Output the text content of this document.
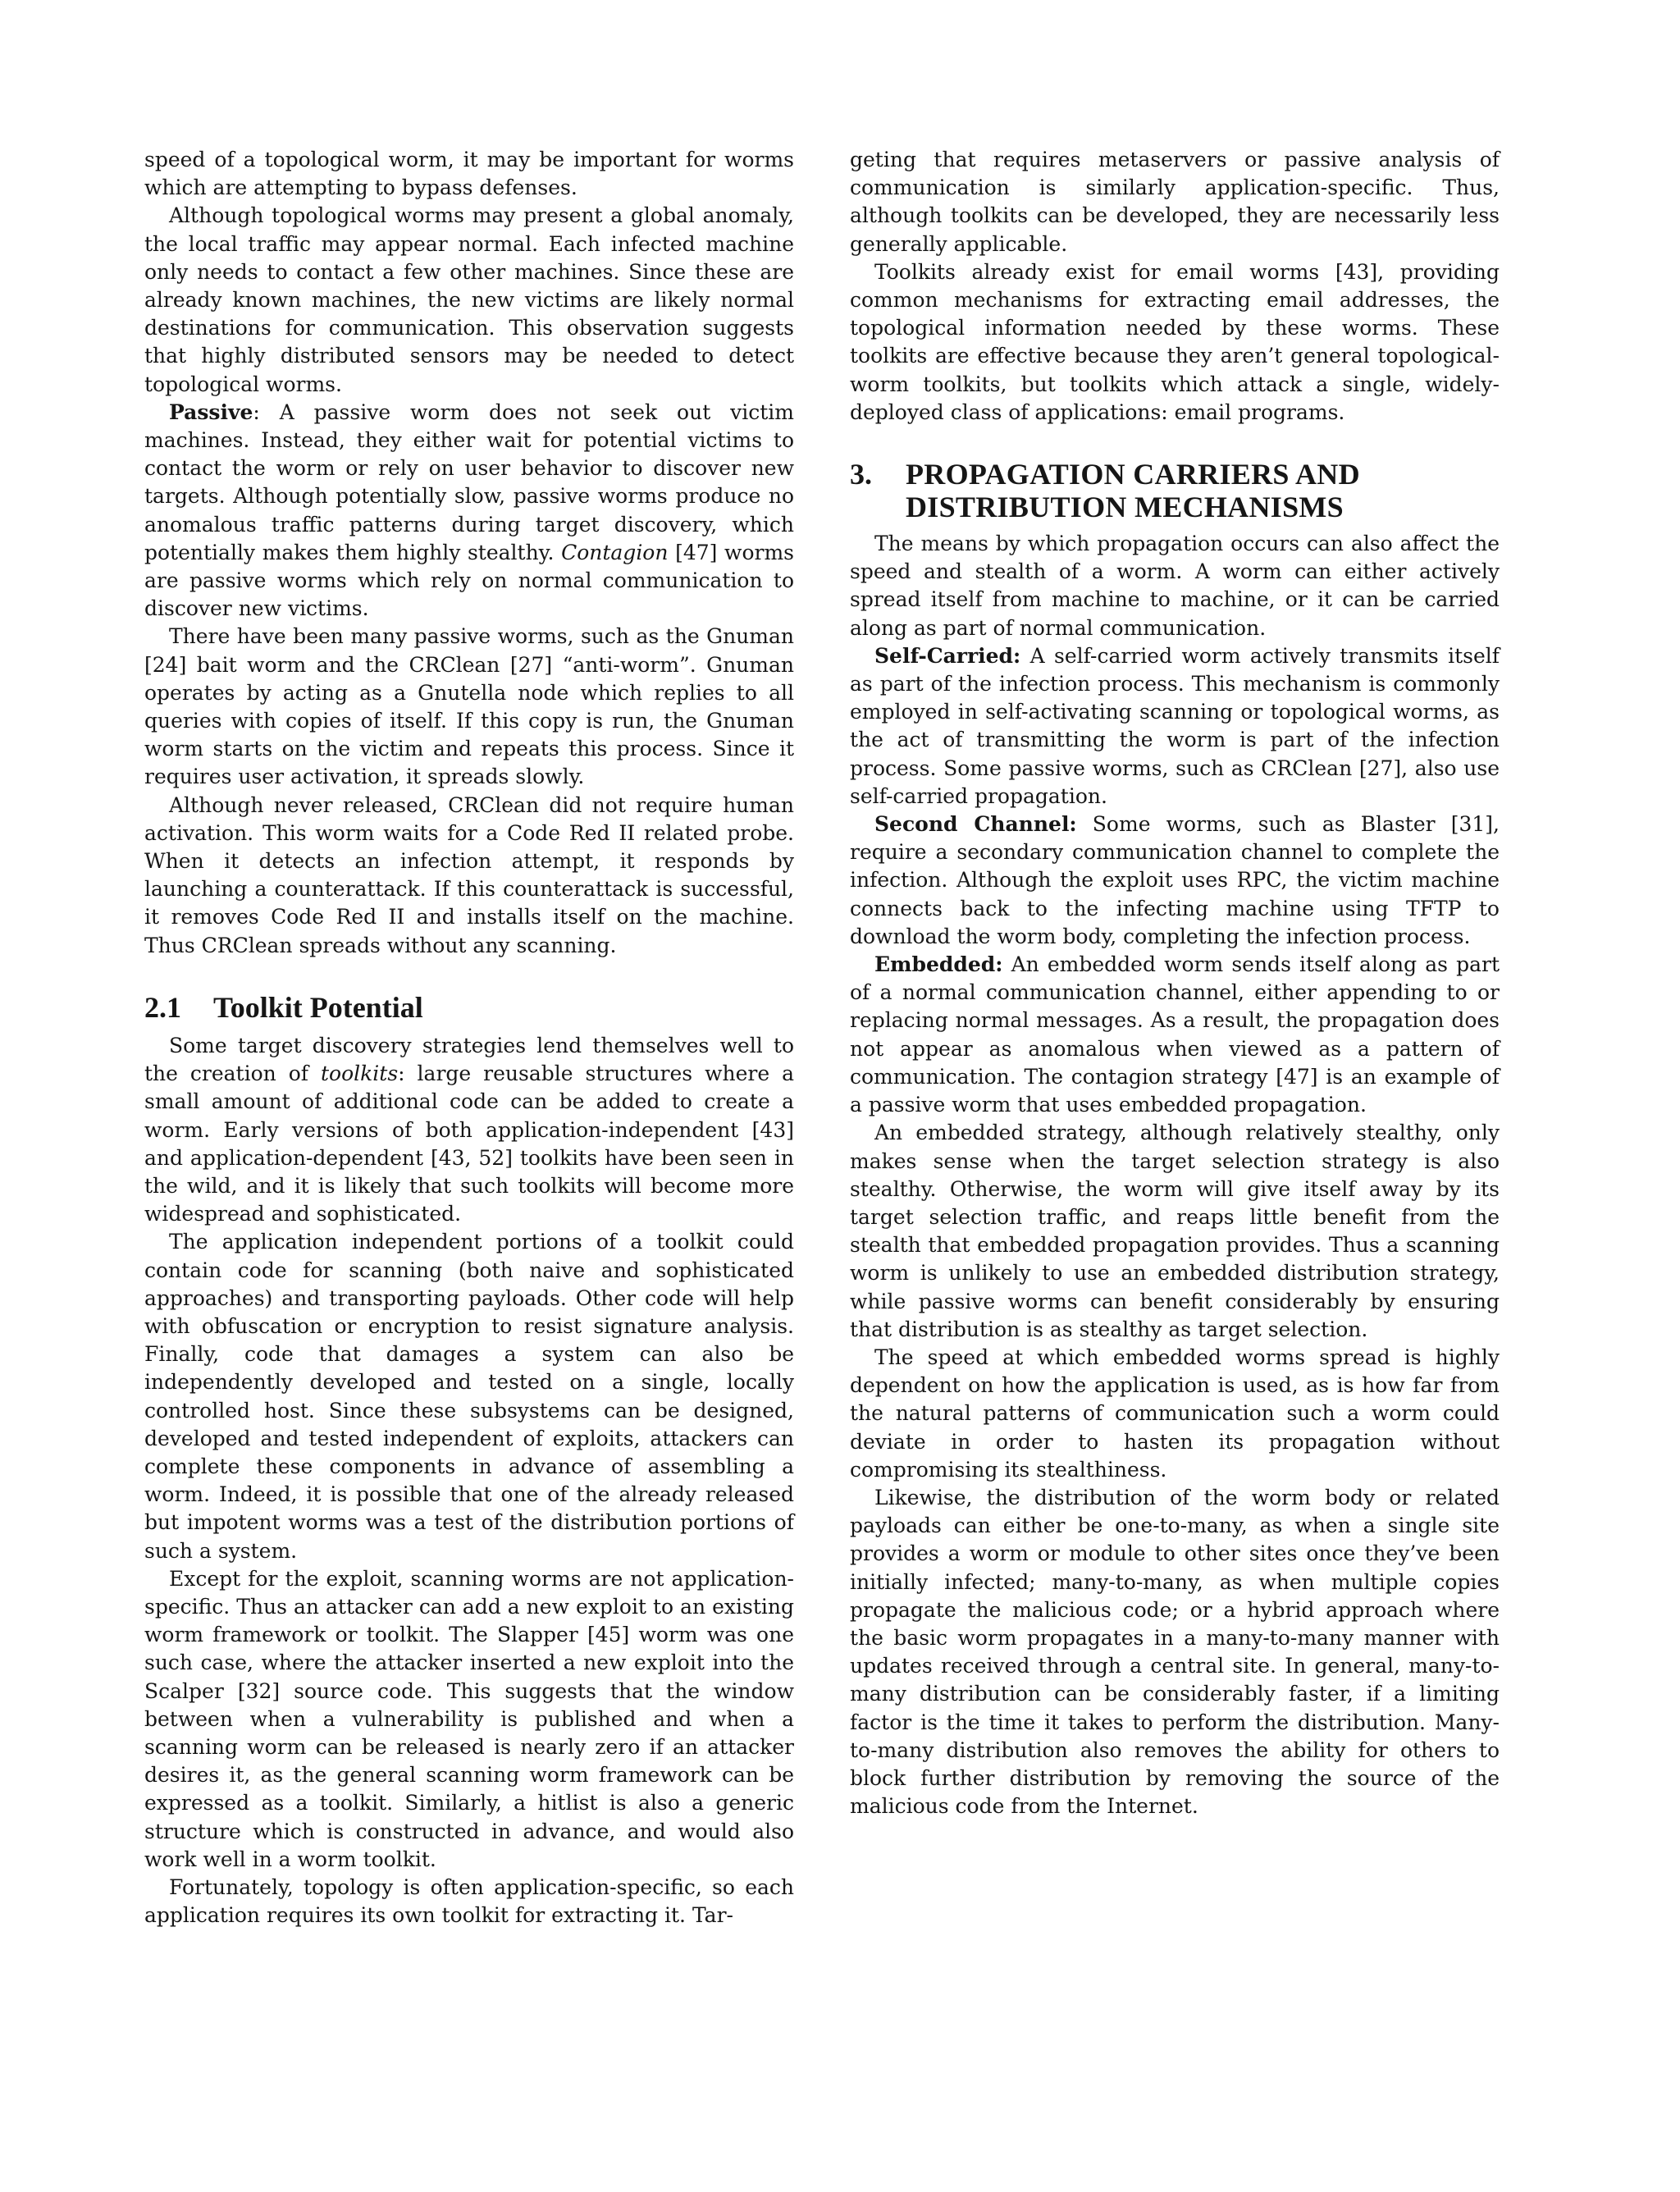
speed of a topological worm, it may be important for worms which are attempting to bypass defenses.

Although topological worms may present a global anomaly, the local traffic may appear normal. Each infected machine only needs to contact a few other machines. Since these are already known machines, the new victims are likely normal destinations for communication. This observation suggests that highly distributed sensors may be needed to detect topological worms.

Passive: A passive worm does not seek out victim machines. Instead, they either wait for potential victims to contact the worm or rely on user behavior to discover new targets. Although potentially slow, passive worms produce no anomalous traffic patterns during target discovery, which potentially makes them highly stealthy. Contagion [47] worms are passive worms which rely on normal communication to discover new victims.

There have been many passive worms, such as the Gnuman [24] bait worm and the CRClean [27] “anti-worm”. Gnuman operates by acting as a Gnutella node which replies to all queries with copies of itself. If this copy is run, the Gnuman worm starts on the victim and repeats this process. Since it requires user activation, it spreads slowly.

Although never released, CRClean did not require human activation. This worm waits for a Code Red II related probe. When it detects an infection attempt, it responds by launching a counterattack. If this counterattack is successful, it removes Code Red II and installs itself on the machine. Thus CRClean spreads without any scanning.

2.1 Toolkit Potential

Some target discovery strategies lend themselves well to the creation of toolkits: large reusable structures where a small amount of additional code can be added to create a worm. Early versions of both application-independent [43] and application-dependent [43, 52] toolkits have been seen in the wild, and it is likely that such toolkits will become more widespread and sophisticated.

The application independent portions of a toolkit could contain code for scanning (both naive and sophisticated approaches) and transporting payloads. Other code will help with obfuscation or encryption to resist signature analysis. Finally, code that damages a system can also be independently developed and tested on a single, locally controlled host. Since these subsystems can be designed, developed and tested independent of exploits, attackers can complete these components in advance of assembling a worm. Indeed, it is possible that one of the already released but impotent worms was a test of the distribution portions of such a system.

Except for the exploit, scanning worms are not application-specific. Thus an attacker can add a new exploit to an existing worm framework or toolkit. The Slapper [45] worm was one such case, where the attacker inserted a new exploit into the Scalper [32] source code. This suggests that the window between when a vulnerability is published and when a scanning worm can be released is nearly zero if an attacker desires it, as the general scanning worm framework can be expressed as a toolkit. Similarly, a hitlist is also a generic structure which is constructed in advance, and would also work well in a worm toolkit.

Fortunately, topology is often application-specific, so each application requires its own toolkit for extracting it. Tar-

geting that requires metaservers or passive analysis of communication is similarly application-specific. Thus, although toolkits can be developed, they are necessarily less generally applicable.

Toolkits already exist for email worms [43], providing common mechanisms for extracting email addresses, the topological information needed by these worms. These toolkits are effective because they aren’t general topological-worm toolkits, but toolkits which attack a single, widely-deployed class of applications: email programs.

3.	PROPAGATION CARRIERS AND DISTRIBUTION MECHANISMS

The means by which propagation occurs can also affect the speed and stealth of a worm. A worm can either actively spread itself from machine to machine, or it can be carried along as part of normal communication.

Self-Carried: A self-carried worm actively transmits itself as part of the infection process. This mechanism is commonly employed in self-activating scanning or topological worms, as the act of transmitting the worm is part of the infection process. Some passive worms, such as CRClean [27], also use self-carried propagation.

Second Channel: Some worms, such as Blaster [31], require a secondary communication channel to complete the infection. Although the exploit uses RPC, the victim machine connects back to the infecting machine using TFTP to download the worm body, completing the infection process.

Embedded: An embedded worm sends itself along as part of a normal communication channel, either appending to or replacing normal messages. As a result, the propagation does not appear as anomalous when viewed as a pattern of communication. The contagion strategy [47] is an example of a passive worm that uses embedded propagation.

An embedded strategy, although relatively stealthy, only makes sense when the target selection strategy is also stealthy. Otherwise, the worm will give itself away by its target selection traffic, and reaps little benefit from the stealth that embedded propagation provides. Thus a scanning worm is unlikely to use an embedded distribution strategy, while passive worms can benefit considerably by ensuring that distribution is as stealthy as target selection.

The speed at which embedded worms spread is highly dependent on how the application is used, as is how far from the natural patterns of communication such a worm could deviate in order to hasten its propagation without compromising its stealthiness.

Likewise, the distribution of the worm body or related payloads can either be one-to-many, as when a single site provides a worm or module to other sites once they’ve been initially infected; many-to-many, as when multiple copies propagate the malicious code; or a hybrid approach where the basic worm propagates in a many-to-many manner with updates received through a central site. In general, many-to-many distribution can be considerably faster, if a limiting factor is the time it takes to perform the distribution. Many-to-many distribution also removes the ability for others to block further distribution by removing the source of the malicious code from the Internet.
